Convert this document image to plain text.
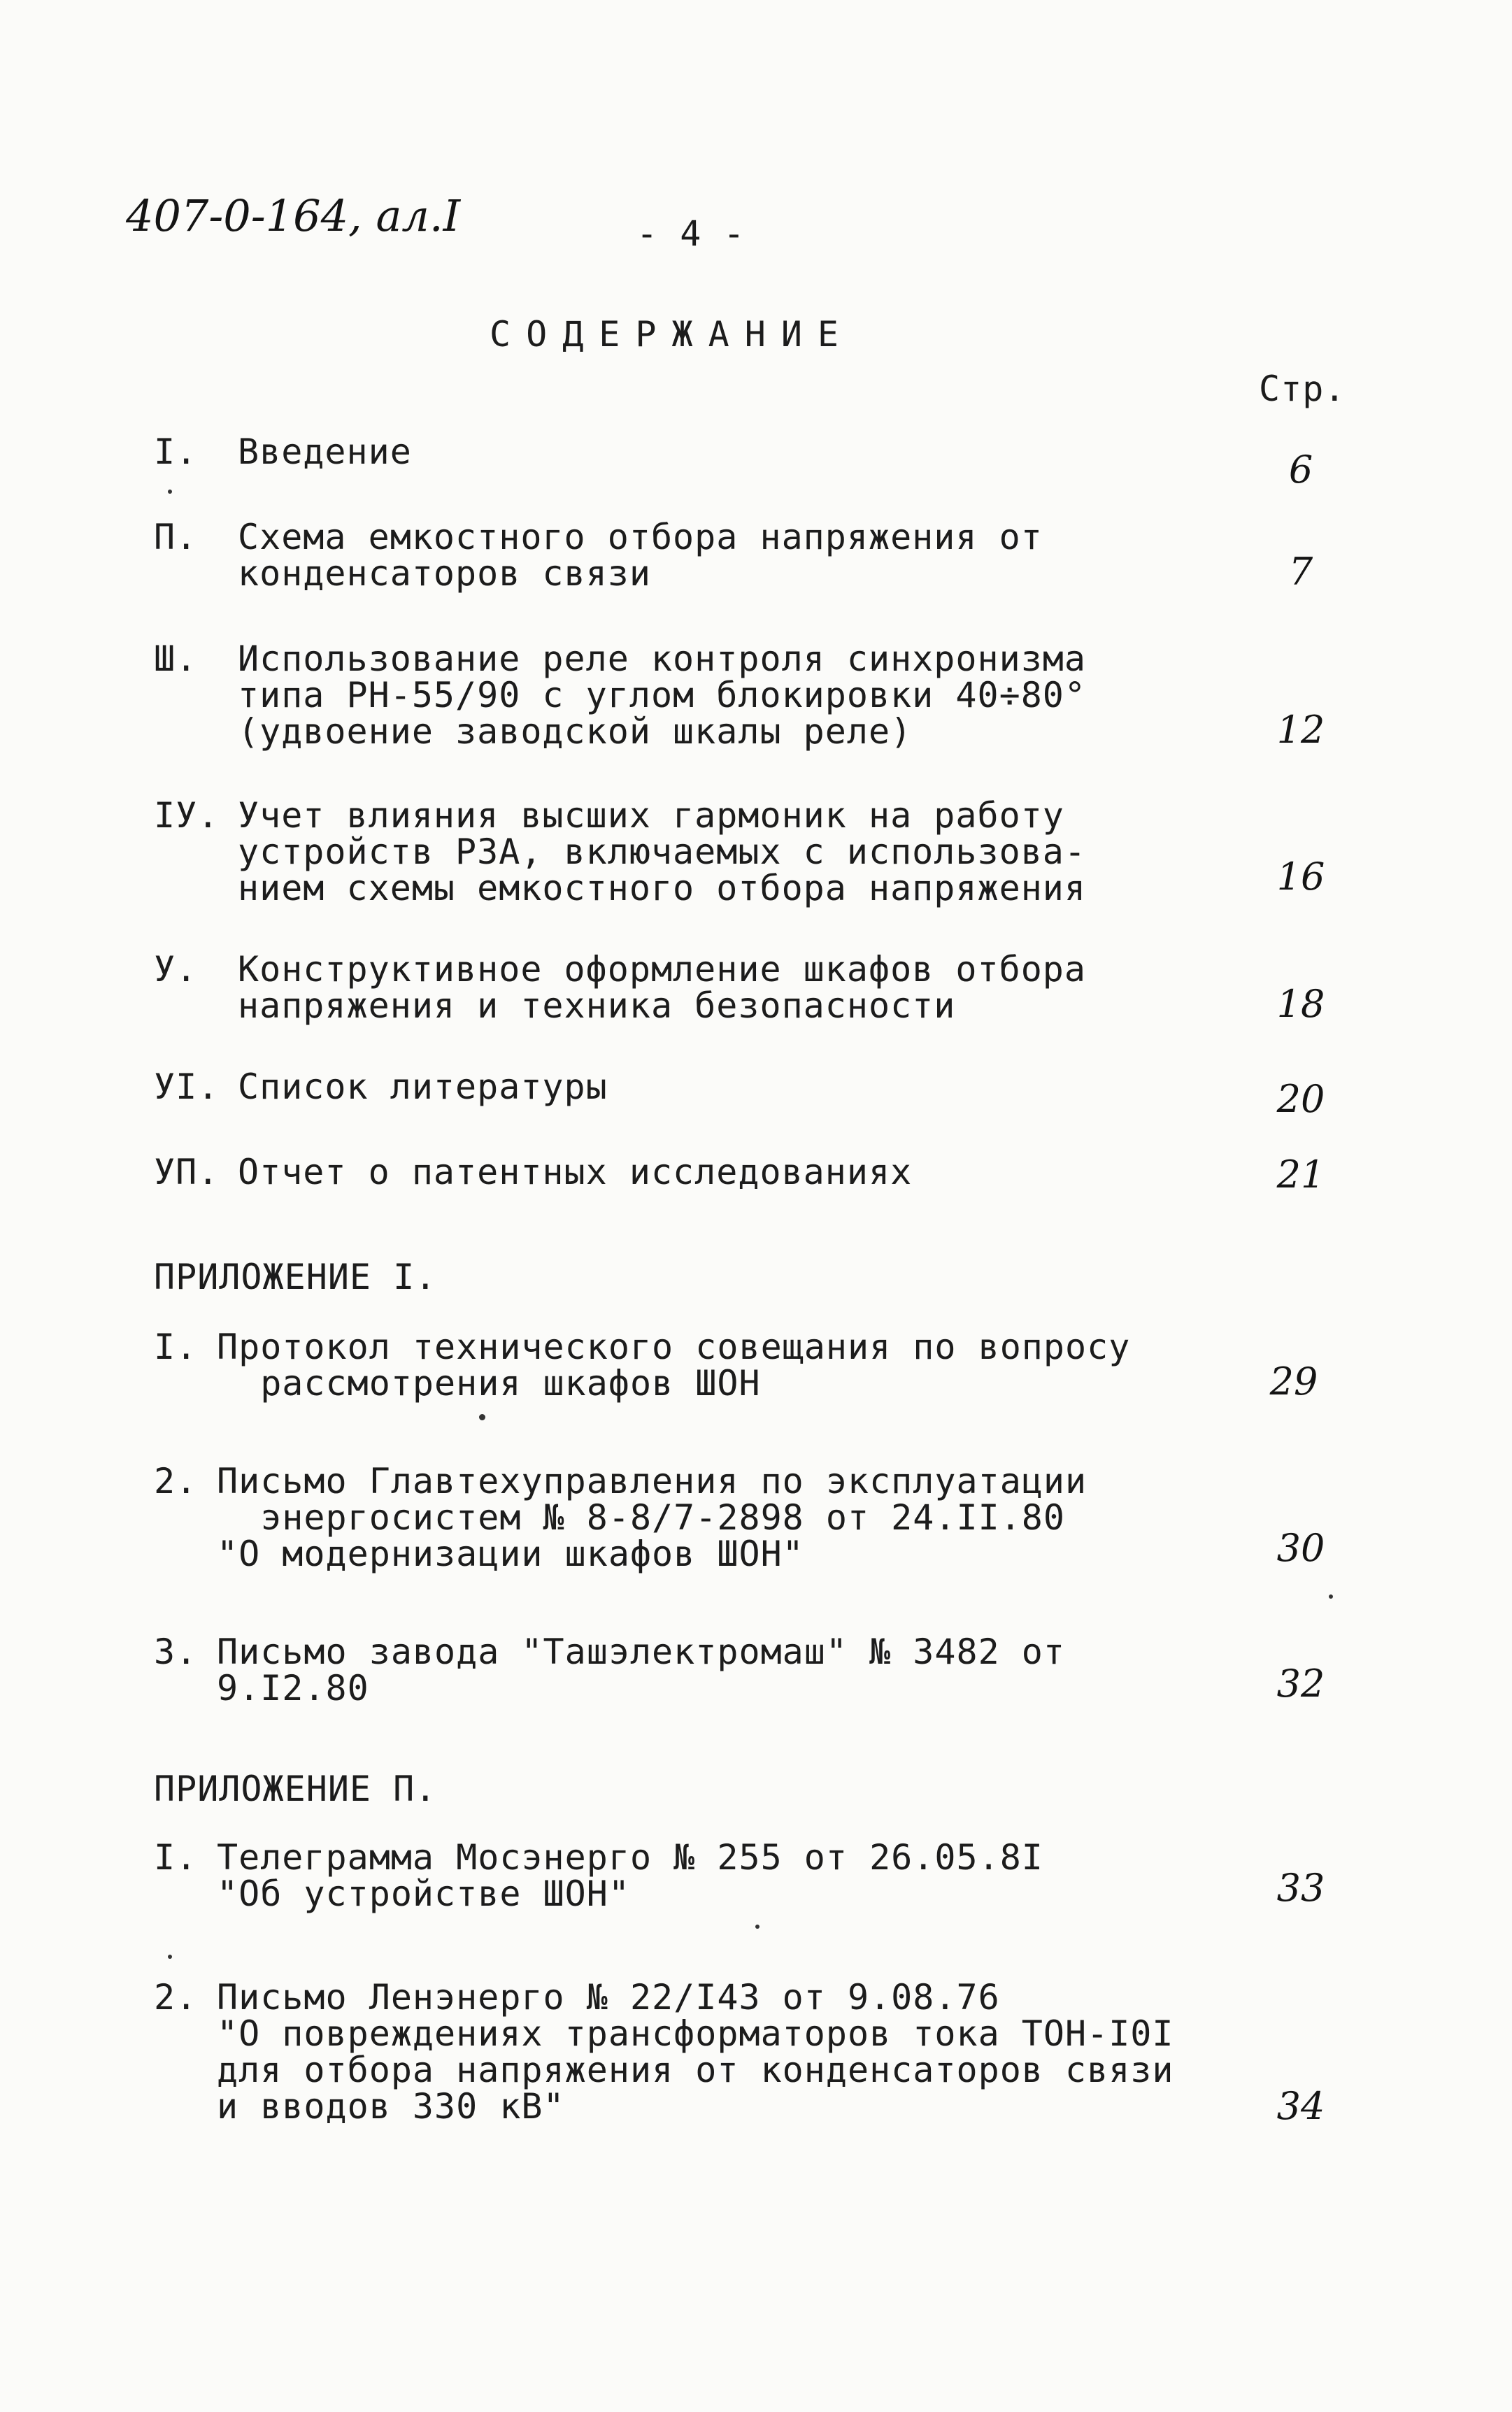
407-0-164, ал.I	- 4 -
СОДЕРЖАНИЕ
Стр.
I. Введение	6
П. Схема емкостного отбора напряжения от
конденсаторов связи	7
Ш. Использование реле контроля синхронизма
типа РН-55/90 с углом блокировки 40÷80°
(удвоение заводской шкалы реле)	12
IУ. Учет влияния высших гармоник на работу
устройств РЗА, включаемых с использова-
нием схемы емкостного отбора напряжения	16
У. Конструктивное оформление шкафов отбора
напряжения и техника безопасности	18
УI. Список литературы	20
УП. Отчет о патентных исследованиях	21
ПРИЛОЖЕНИЕ I.
I. Протокол технического совещания по вопросу
рассмотрения шкафов ШОН	29
2. Письмо Главтехуправления по эксплуатации
энергосистем № 8-8/7-2898 от 24.II.80
"О модернизации шкафов ШОН"	30
3. Письмо завода "Ташэлектромаш" № 3482 от
9.I2.80	32
ПРИЛОЖЕНИЕ П.
I. Телеграмма Мосэнерго № 255 от 26.05.8I
"Об устройстве ШОН"	33
2. Письмо Ленэнерго № 22/I43 от 9.08.76
"О повреждениях трансформаторов тока ТОН-I0I
для отбора напряжения от конденсаторов связи
и вводов 330 кВ"	34
